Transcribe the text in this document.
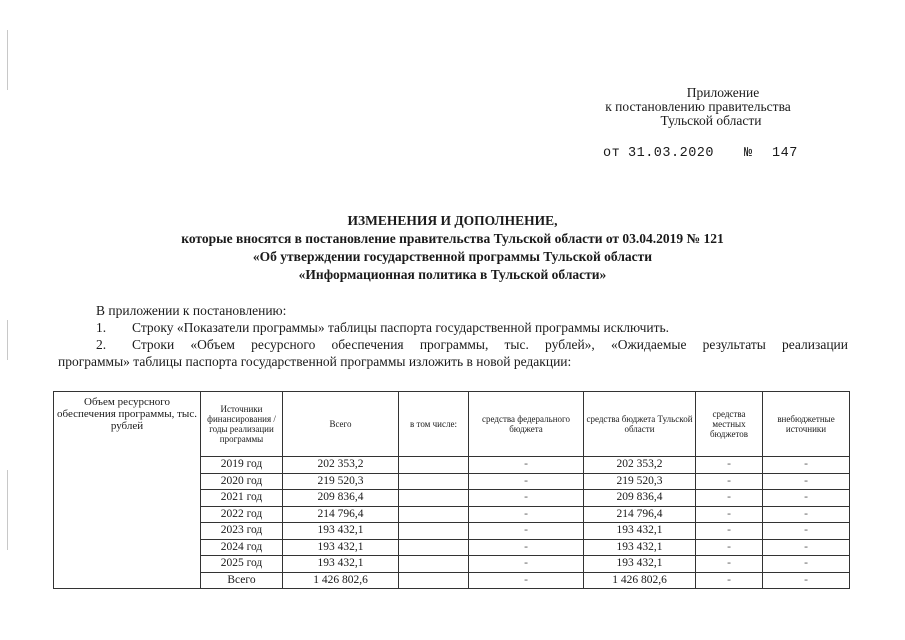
Приложение
к постановлению правительства
Тульской области
от 31.03.2020 № 147
ИЗМЕНЕНИЯ И ДОПОЛНЕНИЕ,
которые вносятся в постановление правительства Тульской области от 03.04.2019 № 121
«Об утверждении государственной программы Тульской области
«Информационная политика в Тульской области»

В приложении к постановлению:

1. Строку «Показатели программы» таблицы паспорта государственной программы исключить.

2. Строки «Объем ресурсного обеспечения программы, тыс. рублей», «Ожидаемые результаты реализации

программы» таблицы паспорта государственной программы изложить в новой редакции:

Объем ресурсного обеспечения программы, тыс. рублей	Источники финансирования / годы реализации программы	Всего	в том числе:	средства федерального бюджета	средства бюджета Тульской области	средства местных бюджетов	внебюджетные источники
	2019 год	202 353,2		-	202 353,2	-	-
	2020 год	219 520,3		-	219 520,3	-	-
	2021 год	209 836,4		-	209 836,4	-	-
	2022 год	214 796,4		-	214 796,4	-	-
	2023 год	193 432,1		-	193 432,1	-	-
	2024 год	193 432,1		-	193 432,1	-	-
	2025 год	193 432,1		-	193 432,1	-	-
	Всего	1 426 802,6		-	1 426 802,6	-	-
